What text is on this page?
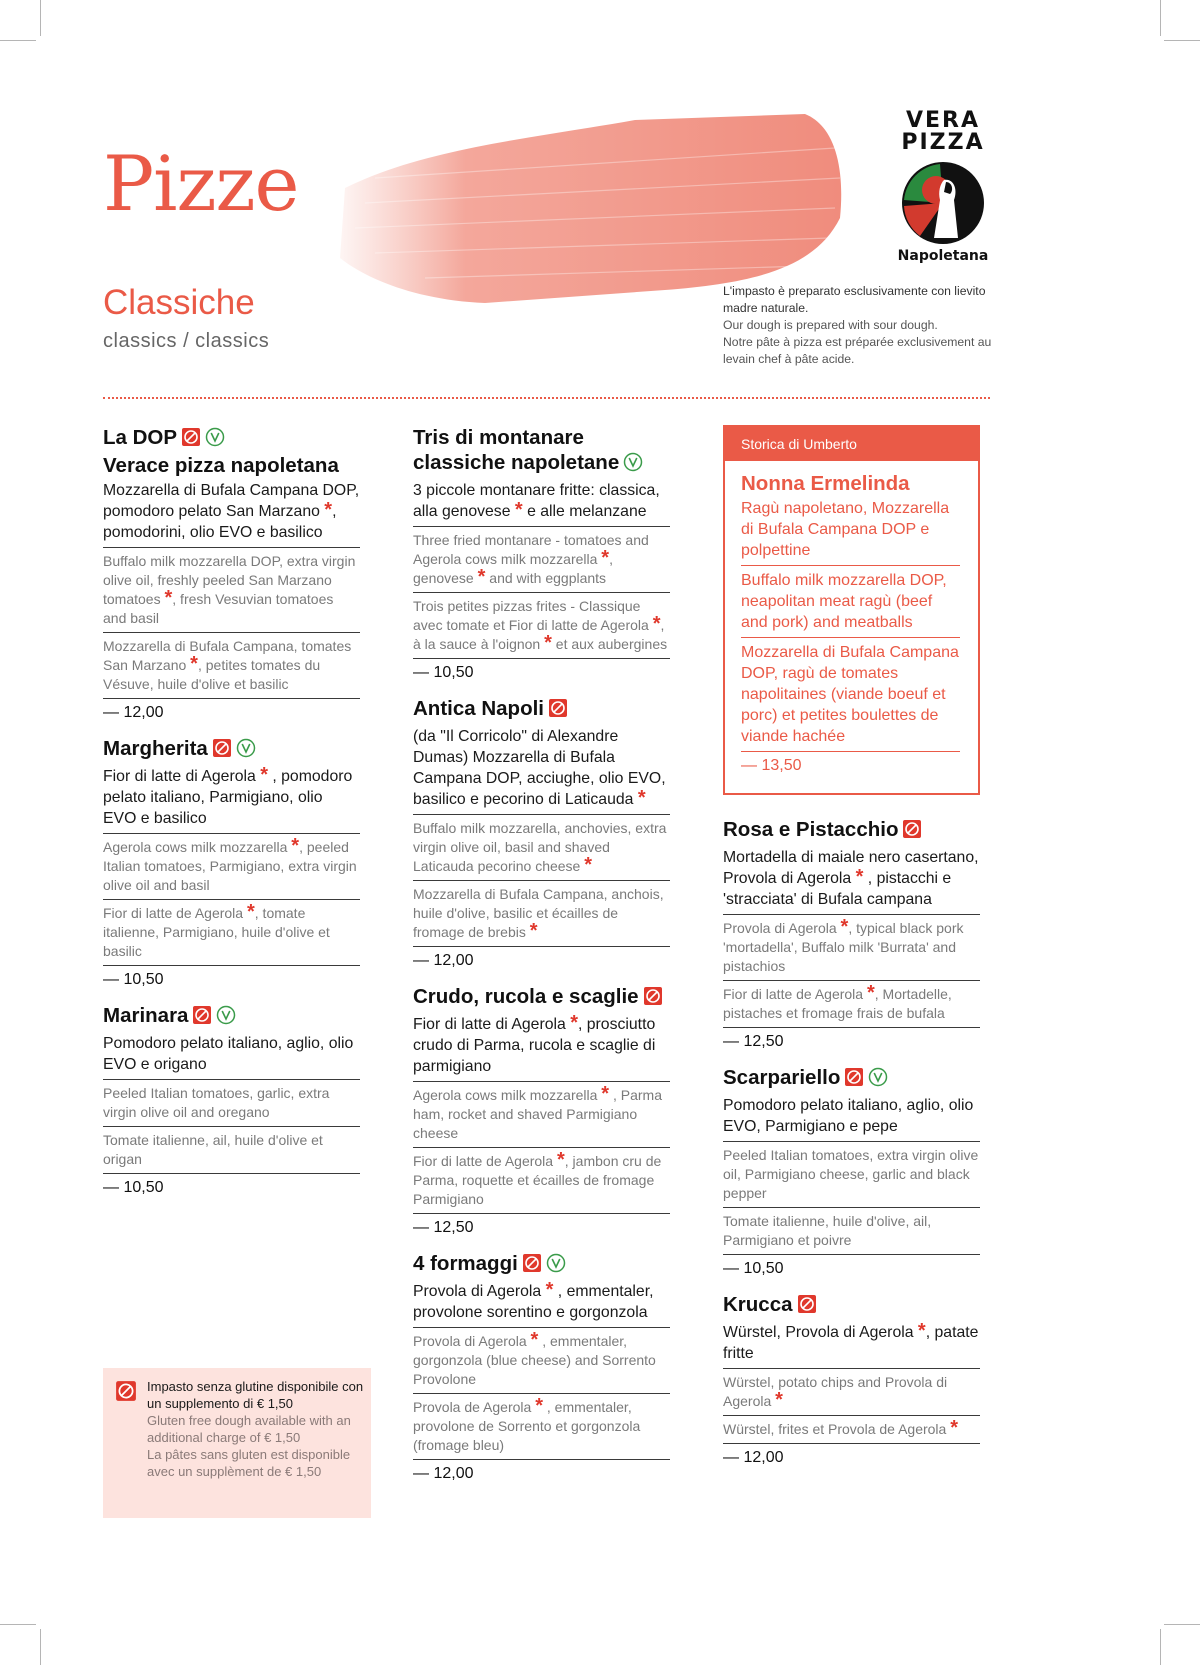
Pizze
VERA
PIZZA
Napoletana
Classiche
classics / classics
L'impasto è preparato esclusivamente con lievito madre naturale.
Our dough is prepared with sour dough.
Notre pâte à pizza est préparée exclusivement au levain chef à pâte acide.
La DOP
Verace pizza napoletana
Mozzarella di Bufala Campana DOP, pomodoro pelato San Marzano *, pomodorini, olio EVO e basilico
Buffalo milk mozzarella DOP, extra virgin olive oil, freshly peeled San Marzano tomatoes *, fresh Vesuvian tomatoes and basil
Mozzarella di Bufala Campana, tomates San Marzano *, petites tomates du Vésuve, huile d'olive et basilic
— 12,00
Margherita
Fior di latte di Agerola * , pomodoro pelato italiano, Parmigiano, olio EVO e basilico
Agerola cows milk mozzarella *, peeled Italian tomatoes, Parmigiano, extra virgin olive oil and basil
Fior di latte de Agerola *, tomate italienne, Parmigiano, huile d'olive et basilic
— 10,50
Marinara
Pomodoro pelato italiano, aglio, olio EVO e origano
Peeled Italian tomatoes, garlic, extra virgin olive oil and oregano
Tomate italienne, ail, huile d'olive et origan
— 10,50
Tris di montanare classiche napoletane
3 piccole montanare fritte: classica, alla genovese * e alle melanzane
Three fried montanare - tomatoes and Agerola cows milk mozzarella *, genovese * and with eggplants
Trois petites pizzas frites - Classique avec tomate et Fior di latte de Agerola *, à la sauce à l'oignon * et aux aubergines
— 10,50
Antica Napoli
(da "Il Corricolo" di Alexandre Dumas) Mozzarella di Bufala Campana DOP, acciughe, olio EVO, basilico e pecorino di Laticauda *
Buffalo milk mozzarella, anchovies, extra virgin olive oil, basil and shaved Laticauda pecorino cheese *
Mozzarella di Bufala Campana, anchois, huile d'olive, basilic et écailles de fromage de brebis *
— 12,00
Crudo, rucola e scaglie
Fior di latte di Agerola *, prosciutto crudo di Parma, rucola e scaglie di parmigiano
Agerola cows milk mozzarella * , Parma ham, rocket and shaved Parmigiano cheese
Fior di latte de Agerola *, jambon cru de Parma, roquette et écailles de fromage Parmigiano
— 12,50
4 formaggi
Provola di Agerola * , emmentaler, provolone sorentino e gorgonzola
Provola di Agerola * , emmentaler, gorgonzola (blue cheese) and Sorrento Provolone
Provola de Agerola * , emmentaler, provolone de Sorrento et gorgonzola (fromage bleu)
— 12,00
Storica di Umberto
Nonna Ermelinda
Ragù napoletano, Mozzarella di Bufala Campana DOP e polpettine
Buffalo milk mozzarella DOP, neapolitan meat ragù (beef and pork) and meatballs
Mozzarella di Bufala Campana DOP, ragù de tomates napolitaines (viande boeuf et porc) et petites boulettes de viande hachée
— 13,50
Rosa e Pistacchio
Mortadella di maiale nero casertano, Provola di Agerola * , pistacchi e 'stracciata' di Bufala campana
Provola di Agerola *, typical black pork 'mortadella', Buffalo milk 'Burrata' and pistachios
Fior di latte de Agerola *, Mortadelle, pistaches et fromage frais de bufala
— 12,50
Scarpariello
Pomodoro pelato italiano, aglio, olio EVO, Parmigiano e pepe
Peeled Italian tomatoes, extra virgin olive oil, Parmigiano cheese, garlic and black pepper
Tomate italienne, huile d'olive, ail, Parmigiano et poivre
— 10,50
Krucca
Würstel, Provola di Agerola *, patate fritte
Würstel, potato chips and Provola di Agerola *
Würstel, frites et Provola de Agerola *
— 12,00
Impasto senza glutine disponibile con un supplemento di € 1,50
Gluten free dough available with an additional charge of € 1,50
La pâtes sans gluten est disponible avec un supplèment de € 1,50
